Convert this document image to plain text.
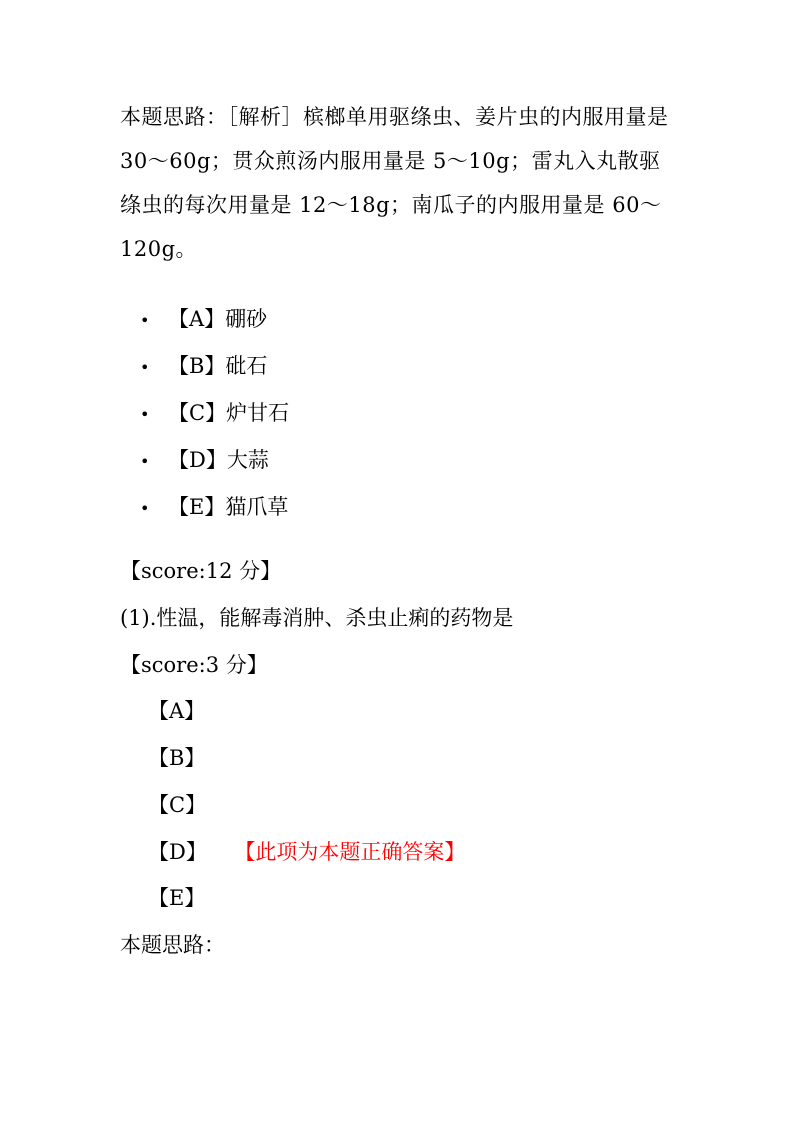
本题思路：［解析］槟榔单用驱绦虫、姜片虫的内服用量是 30～60g；贯众煎汤内服用量是 5～10g；雷丸入丸散驱绦虫的每次用量是 12～18g；南瓜子的内服用量是 60～120g。
• 【A】硼砂
• 【B】砒石
• 【C】炉甘石
• 【D】大蒜
• 【E】猫爪草
【score:12 分】
(1).性温，能解毒消肿、杀虫止痢的药物是
【score:3 分】
【A】
【B】
【C】
【D】 【此项为本题正确答案】
【E】
本题思路：
